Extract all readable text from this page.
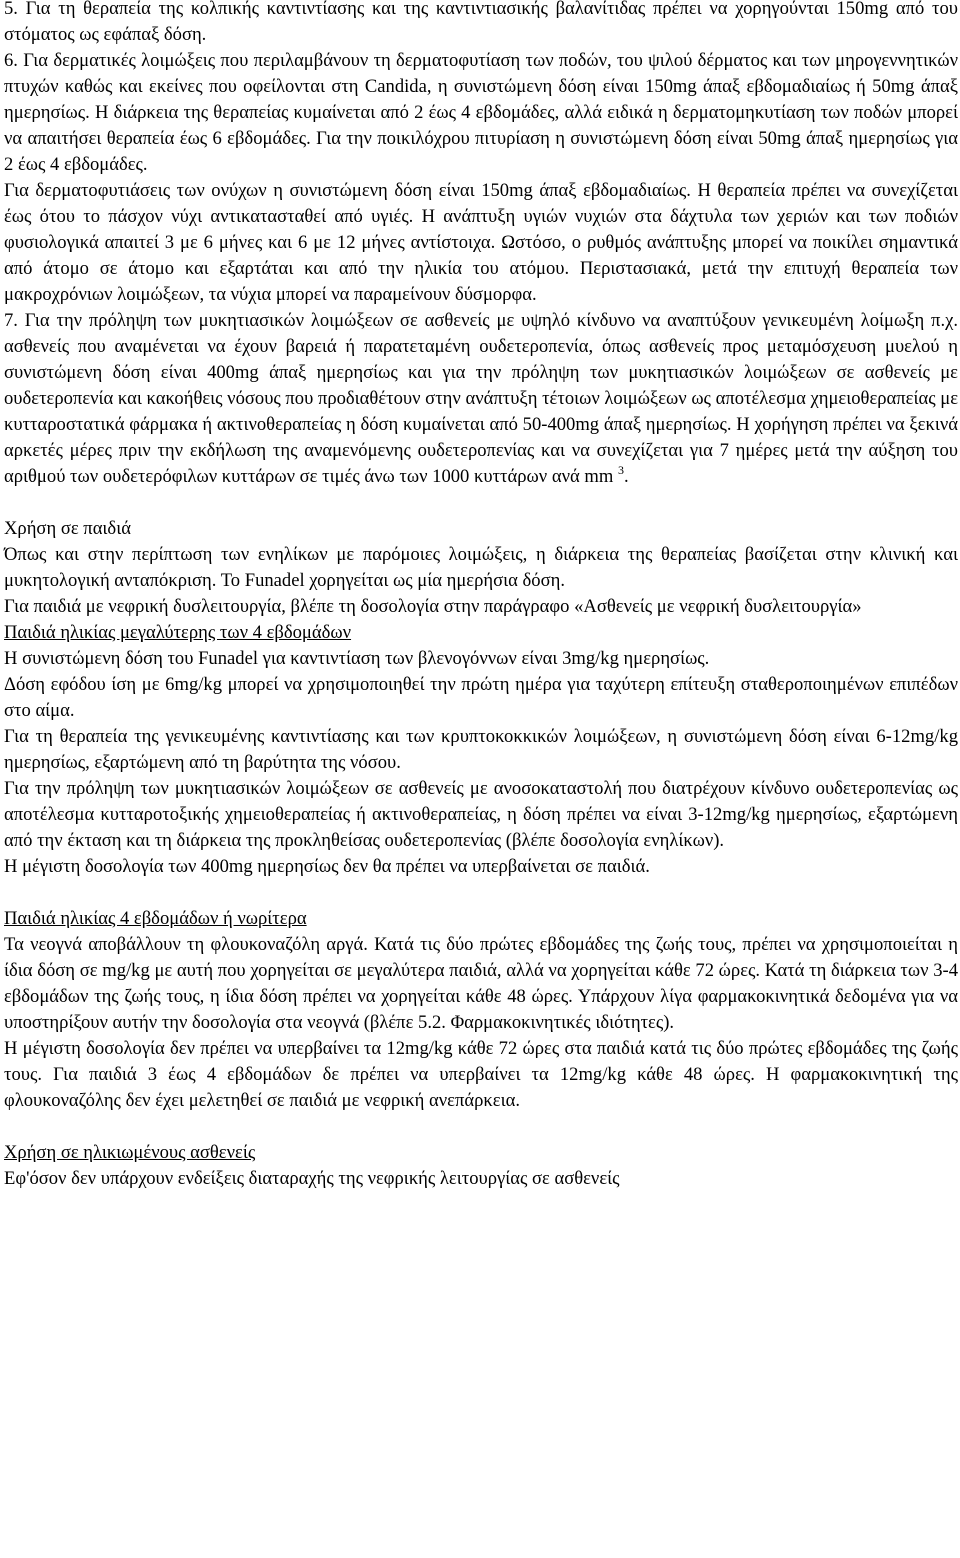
5. Για τη θεραπεία της κολπικής καντιντίασης και της καντιντιασικής βαλανίτιδας πρέπει να χορηγούνται 150mg από του στόματος ως εφάπαξ δόση.

6. Για δερματικές λοιμώξεις που περιλαμβάνουν τη δερματοφυτίαση των ποδών, του ψιλού δέρματος και των μηρογεννητικών πτυχών καθώς και εκείνες που οφείλονται στη Candida, η συνιστώμενη δόση είναι 150mg άπαξ εβδομαδιαίως ή 50mg άπαξ ημερησίως. Η διάρκεια της θεραπείας κυμαίνεται από 2 έως 4 εβδομάδες, αλλά ειδικά η δερματομηκυτίαση των ποδών μπορεί να απαιτήσει θεραπεία έως 6 εβδομάδες. Για την ποικιλόχρου πιτυρίαση η συνιστώμενη δόση είναι 50mg άπαξ ημερησίως για 2 έως 4 εβδομάδες.

Για δερματοφυτιάσεις των ονύχων η συνιστώμενη δόση είναι 150mg άπαξ εβδομαδιαίως. Η θεραπεία πρέπει να συνεχίζεται έως ότου το πάσχον νύχι αντικατασταθεί από υγιές. Η ανάπτυξη υγιών νυχιών στα δάχτυλα των χεριών και των ποδιών φυσιολογικά απαιτεί 3 με 6 μήνες και 6 με 12 μήνες αντίστοιχα. Ωστόσο, ο ρυθμός ανάπτυξης μπορεί να ποικίλει σημαντικά από άτομο σε άτομο και εξαρτάται και από την ηλικία του ατόμου. Περιστασιακά, μετά την επιτυχή θεραπεία των μακροχρόνιων λοιμώξεων, τα νύχια μπορεί να παραμείνουν δύσμορφα.

7. Για την πρόληψη των μυκητιασικών λοιμώξεων σε ασθενείς με υψηλό κίνδυνο να αναπτύξουν γενικευμένη λοίμωξη π.χ. ασθενείς που αναμένεται να έχουν βαρειά ή παρατεταμένη ουδετεροπενία, όπως ασθενείς προς μεταμόσχευση μυελού η συνιστώμενη δόση είναι 400mg άπαξ ημερησίως και για την πρόληψη των μυκητιασικών λοιμώξεων σε ασθενείς με ουδετεροπενία και κακοήθεις νόσους που προδιαθέτουν στην ανάπτυξη τέτοιων λοιμώξεων ως αποτέλεσμα χημειοθεραπείας με κυτταροστατικά φάρμακα ή ακτινοθεραπείας η δόση κυμαίνεται από 50-400mg άπαξ ημερησίως. Η χορήγηση πρέπει να ξεκινά αρκετές μέρες πριν την εκδήλωση της αναμενόμενης ουδετεροπενίας και να συνεχίζεται για 7 ημέρες μετά την αύξηση του αριθμού των ουδετερόφιλων κυττάρων σε τιμές άνω των 1000 κυττάρων ανά mm $^3$.

Χρήση σε παιδιά

Όπως και στην περίπτωση των ενηλίκων με παρόμοιες λοιμώξεις, η διάρκεια της θεραπείας βασίζεται στην κλινική και μυκητολογική ανταπόκριση. Το Funadel χορηγείται ως μία ημερήσια δόση.

Για παιδιά με νεφρική δυσλειτουργία, βλέπε τη δοσολογία στην παράγραφο «Ασθενείς με νεφρική δυσλειτουργία»

Παιδιά ηλικίας μεγαλύτερης των 4 εβδομάδων

Η συνιστώμενη δόση του Funadel για καντιντίαση των βλενογόννων είναι 3mg/kg ημερησίως.

Δόση εφόδου ίση με 6mg/kg μπορεί να χρησιμοποιηθεί την πρώτη ημέρα για ταχύτερη επίτευξη σταθεροποιημένων επιπέδων στο αίμα.

Για τη θεραπεία της γενικευμένης καντιντίασης και των κρυπτοκοκκικών λοιμώξεων, η συνιστώμενη δόση είναι 6-12mg/kg ημερησίως, εξαρτώμενη από τη βαρύτητα της νόσου.

Για την πρόληψη των μυκητιασικών λοιμώξεων σε ασθενείς με ανοσοκαταστολή που διατρέχουν κίνδυνο ουδετεροπενίας ως αποτέλεσμα κυτταροτοξικής χημειοθεραπείας ή ακτινοθεραπείας, η δόση πρέπει να είναι 3-12mg/kg ημερησίως, εξαρτώμενη από την έκταση και τη διάρκεια της προκληθείσας ουδετεροπενίας (βλέπε δοσολογία ενηλίκων).

Η μέγιστη δοσολογία των 400mg ημερησίως δεν θα πρέπει να υπερβαίνεται σε παιδιά.

Παιδιά ηλικίας 4 εβδομάδων ή νωρίτερα

Τα νεογνά αποβάλλουν τη φλουκοναζόλη αργά. Κατά τις δύο πρώτες εβδομάδες της ζωής τους, πρέπει να χρησιμοποιείται η ίδια δόση σε mg/kg με αυτή που χορηγείται σε μεγαλύτερα παιδιά, αλλά να χορηγείται κάθε 72 ώρες. Κατά τη διάρκεια των 3-4 εβδομάδων της ζωής τους, η ίδια δόση πρέπει να χορηγείται κάθε 48 ώρες. Υπάρχουν λίγα φαρμακοκινητικά δεδομένα για να υποστηρίξουν αυτήν την δοσολογία στα νεογνά (βλέπε 5.2. Φαρμακοκινητικές ιδιότητες).

Η μέγιστη δοσολογία δεν πρέπει να υπερβαίνει τα 12mg/kg κάθε 72 ώρες στα παιδιά κατά τις δύο πρώτες εβδομάδες της ζωής τους. Για παιδιά 3 έως 4 εβδομάδων δε πρέπει να υπερβαίνει τα 12mg/kg κάθε 48 ώρες. Η φαρμακοκινητική της φλουκοναζόλης δεν έχει μελετηθεί σε παιδιά με νεφρική ανεπάρκεια.

Χρήση σε ηλικιωμένους ασθενείς

Εφ'όσον δεν υπάρχουν ενδείξεις διαταραχής της νεφρικής λειτουργίας σε ασθενείς
